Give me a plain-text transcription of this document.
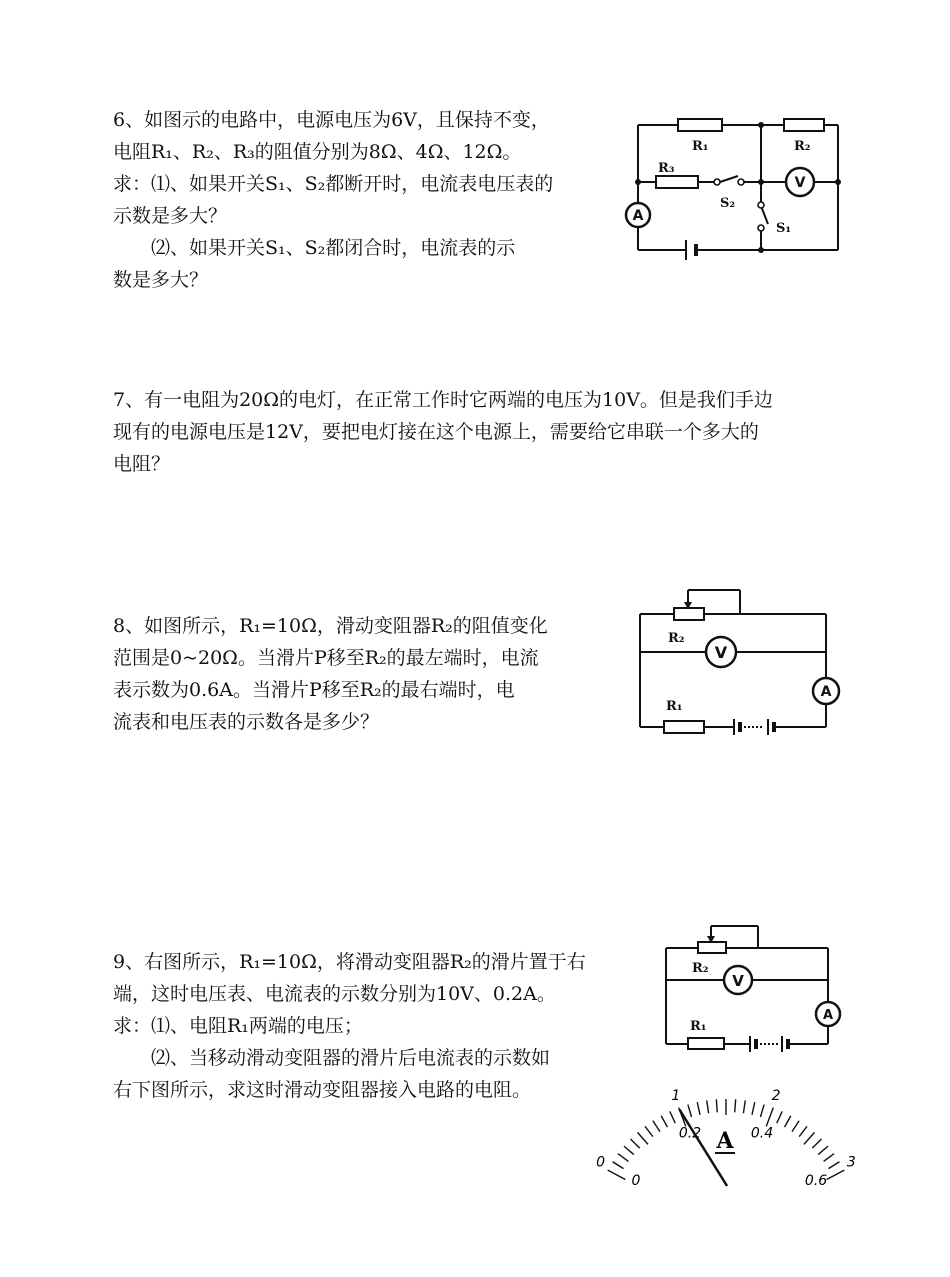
6、如图示的电路中，电源电压为6V，且保持不变，

电阻R₁、R₂、R₃的阻值分别为8Ω、4Ω、12Ω。

求：⑴、如果开关S₁、S₂都断开时，电流表电压表的

示数是多大？

⑵、如果开关S₁、S₂都闭合时，电流表的示

数是多大？

A
V
R₁	R₂
R₃
S₂
S₁

7、有一电阻为20Ω的电灯，在正常工作时它两端的电压为10V。但是我们手边

现有的电源电压是12V，要把电灯接在这个电源上，需要给它串联一个多大的

电阻？

8、如图所示，R₁=10Ω，滑动变阻器R₂的阻值变化

范围是0~20Ω。当滑片P移至R₂的最左端时，电流

表示数为0.6A。当滑片P移至R₂的最右端时，电

流表和电压表的示数各是多少？

V
A
R₂
R₁

9、右图所示，R₁=10Ω，将滑动变阻器R₂的滑片置于右

端，这时电压表、电流表的示数分别为10V、0.2A。

求：⑴、电阻R₁两端的电压；

⑵、当移动滑动变阻器的滑片后电流表的示数如

右下图所示，求这时滑动变阻器接入电路的电阻。

V
A
R₂
R₁
0
1	2
3
0
0.2	0.4
0.6
A
